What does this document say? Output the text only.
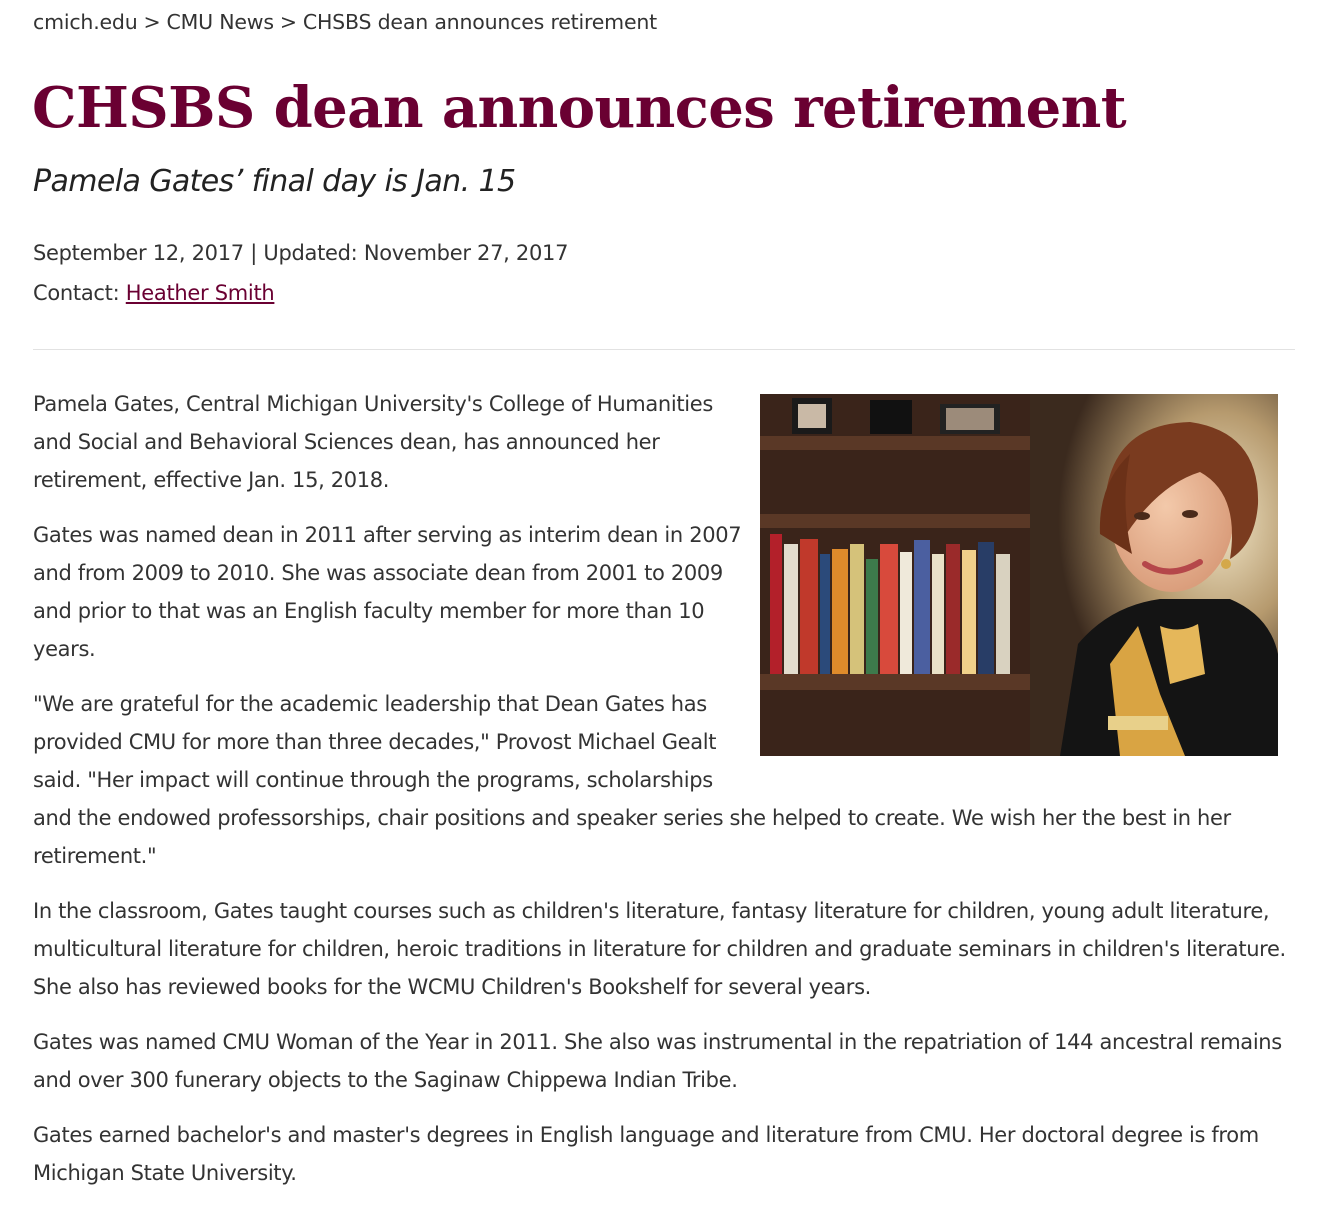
cmich.edu > CMU News > CHSBS dean announces retirement
CHSBS dean announces retirement
Pamela Gates’ final day is Jan. 15
September 12, 2017 | Updated: November 27, 2017
Contact: Heather Smith

Pamela Gates, Central Michigan University's College of Humanities and Social and Behavioral Sciences dean, has announced her retirement, effective Jan. 15, 2018.

Gates was named dean in 2011 after serving as interim dean in 2007 and from 2009 to 2010. She was associate dean from 2001 to 2009 and prior to that was an English faculty member for more than 10 years.

"We are grateful for the academic leadership that Dean Gates has provided CMU for more than three decades," Provost Michael Gealt said. "Her impact will continue through the programs, scholarships and the endowed professorships, chair positions and speaker series she helped to create. We wish her the best in her retirement."

In the classroom, Gates taught courses such as children's literature, fantasy literature for children, young adult literature, multicultural literature for children, heroic traditions in literature for children and graduate seminars in children's literature. She also has reviewed books for the WCMU Children's Bookshelf for several years.

Gates was named CMU Woman of the Year in 2011. She also was instrumental in the repatriation of 144 ancestral remains and over 300 funerary objects to the Saginaw Chippewa Indian Tribe.

Gates earned bachelor's and master's degrees in English language and literature from CMU. Her doctoral degree is from Michigan State University.
